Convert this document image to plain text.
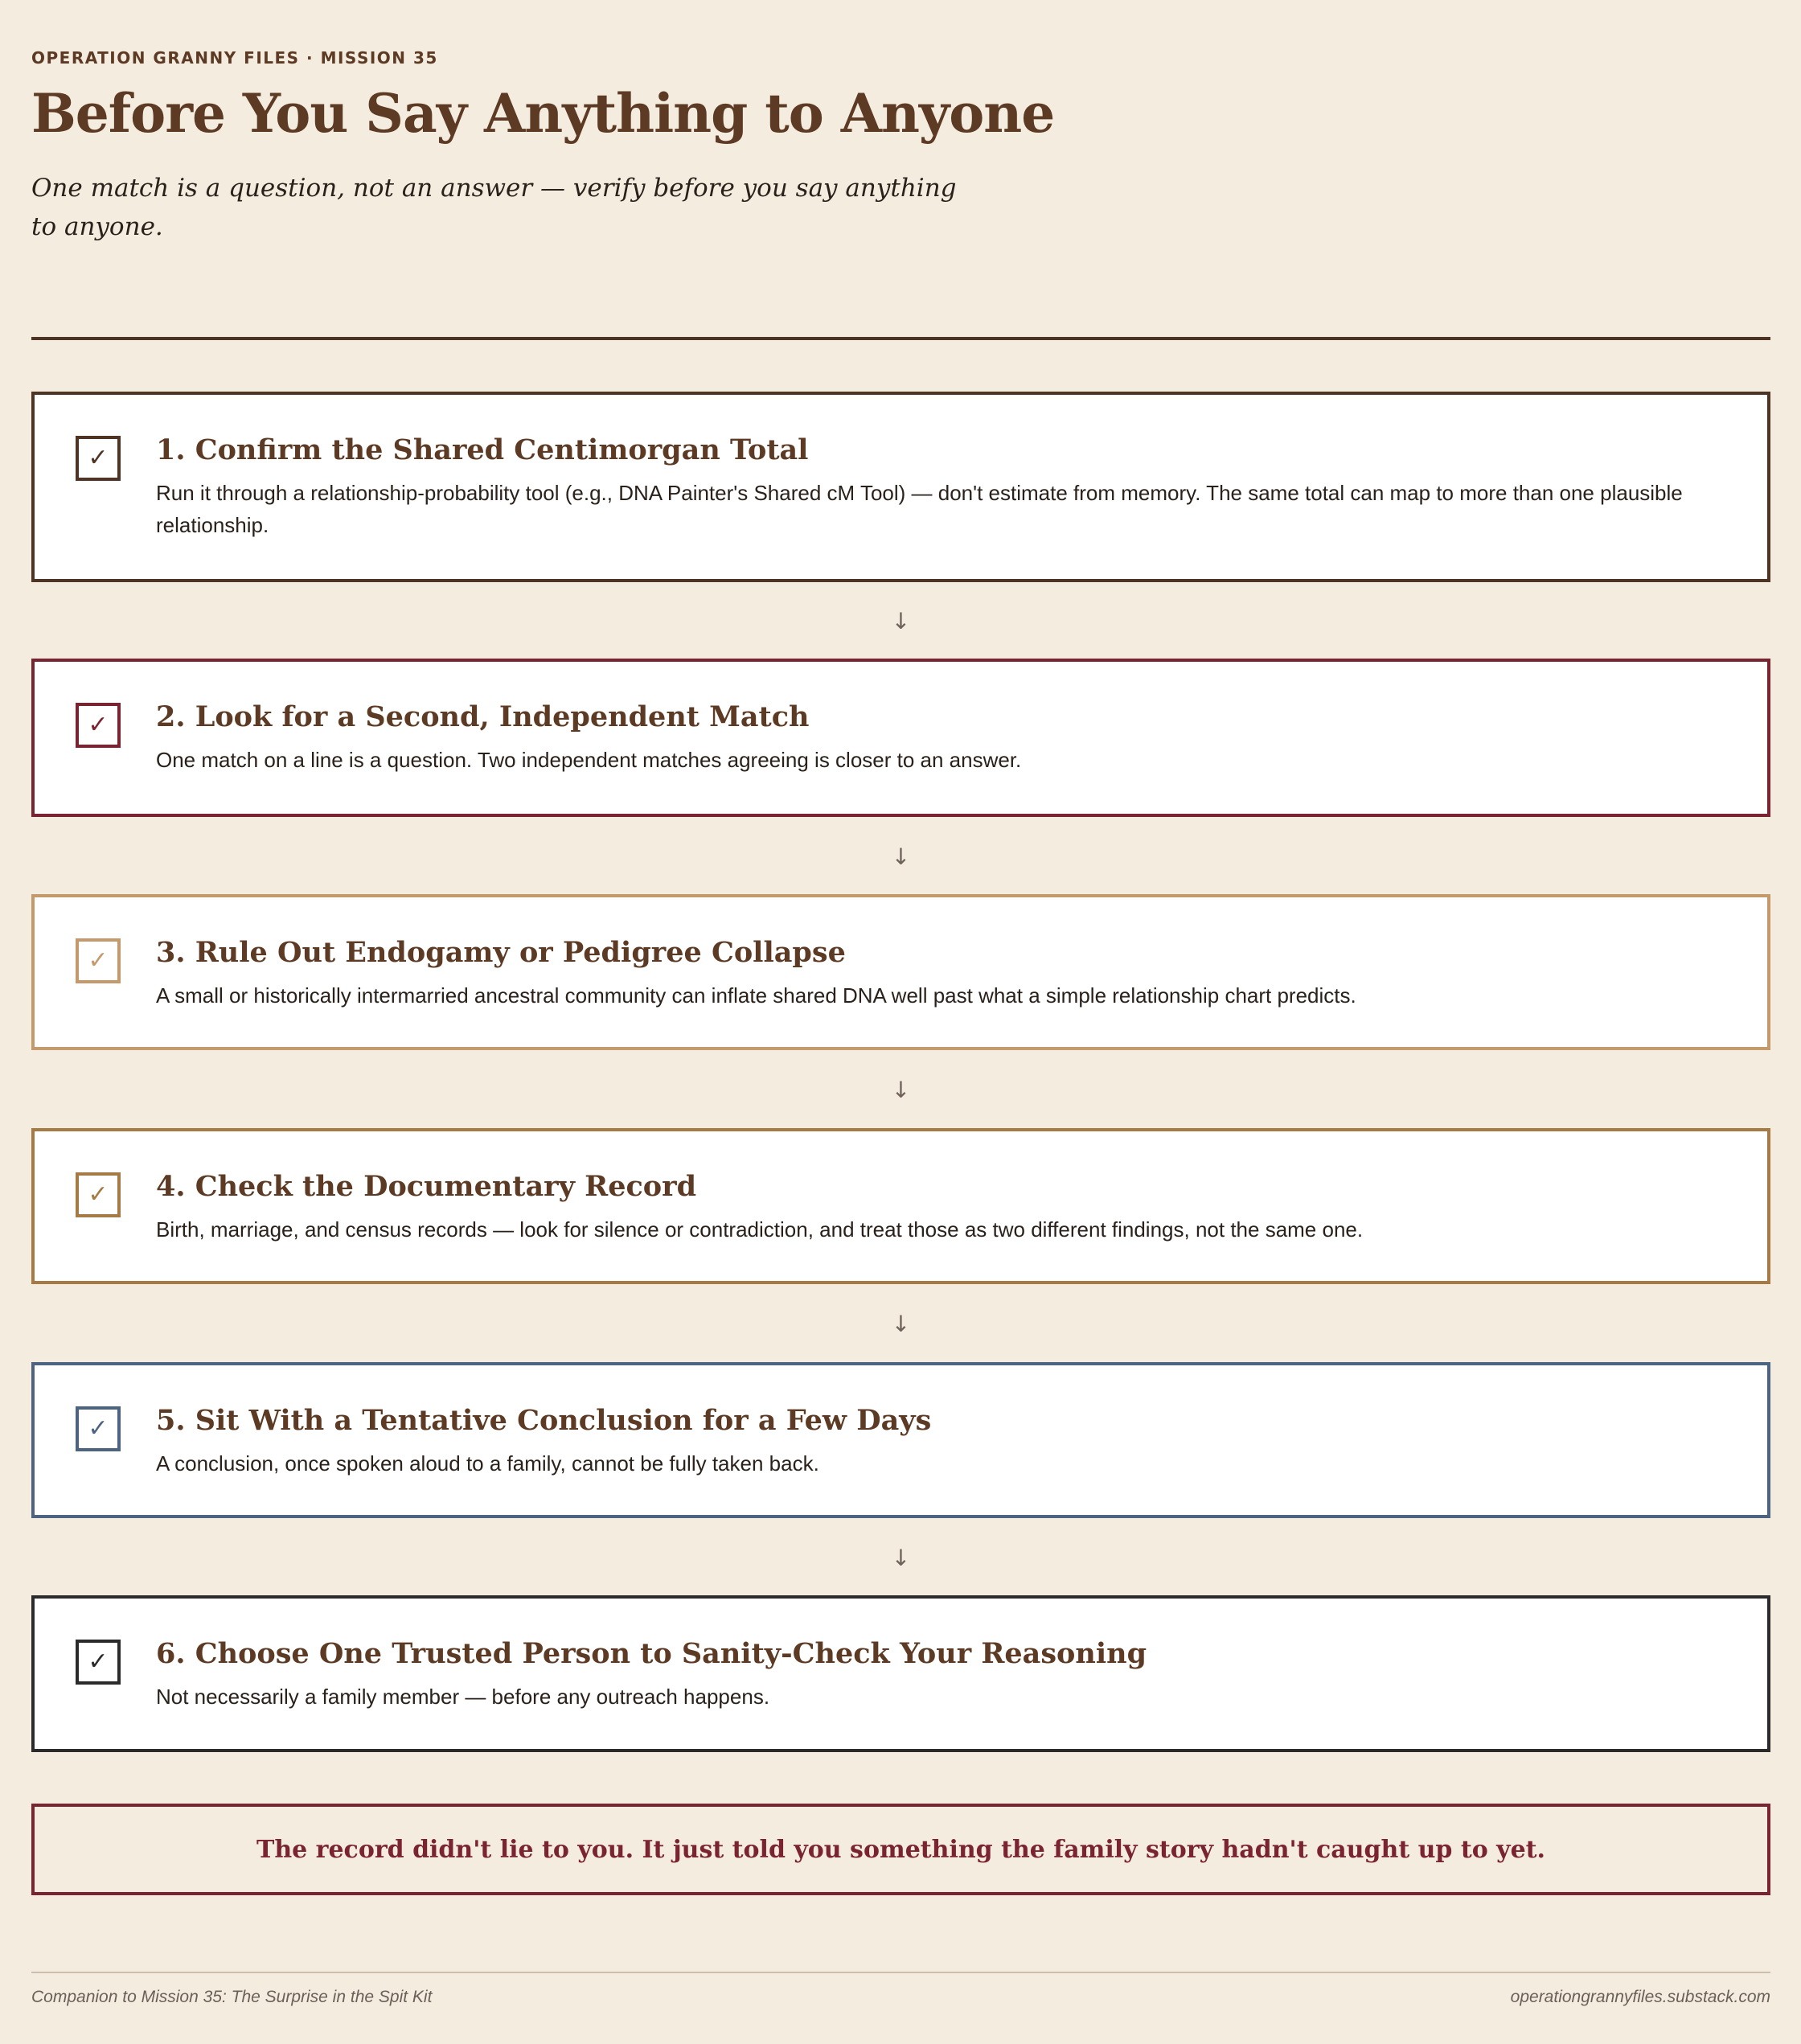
OPERATION GRANNY FILES · MISSION 35
Before You Say Anything to Anyone

One match is a question, not an answer — verify before you say anything to anyone.

✓	1. Confirm the Shared Centimorgan Total

Run it through a relationship-probability tool (e.g., DNA Painter's Shared cM Tool) — don't estimate from memory. The same total can map to more than one plausible relationship.

↓
✓	2. Look for a Second, Independent Match

One match on a line is a question. Two independent matches agreeing is closer to an answer.

↓
✓	3. Rule Out Endogamy or Pedigree Collapse

A small or historically intermarried ancestral community can inflate shared DNA well past what a simple relationship chart predicts.

↓
✓	4. Check the Documentary Record

Birth, marriage, and census records — look for silence or contradiction, and treat those as two different findings, not the same one.

↓
✓	5. Sit With a Tentative Conclusion for a Few Days

A conclusion, once spoken aloud to a family, cannot be fully taken back.

↓
✓	6. Choose One Trusted Person to Sanity-Check Your Reasoning

Not necessarily a family member — before any outreach happens.

The record didn't lie to you. It just told you something the family story hadn't caught up to yet.

Companion to Mission 35: The Surprise in the Spit Kit	operationgrannyfiles.substack.com
